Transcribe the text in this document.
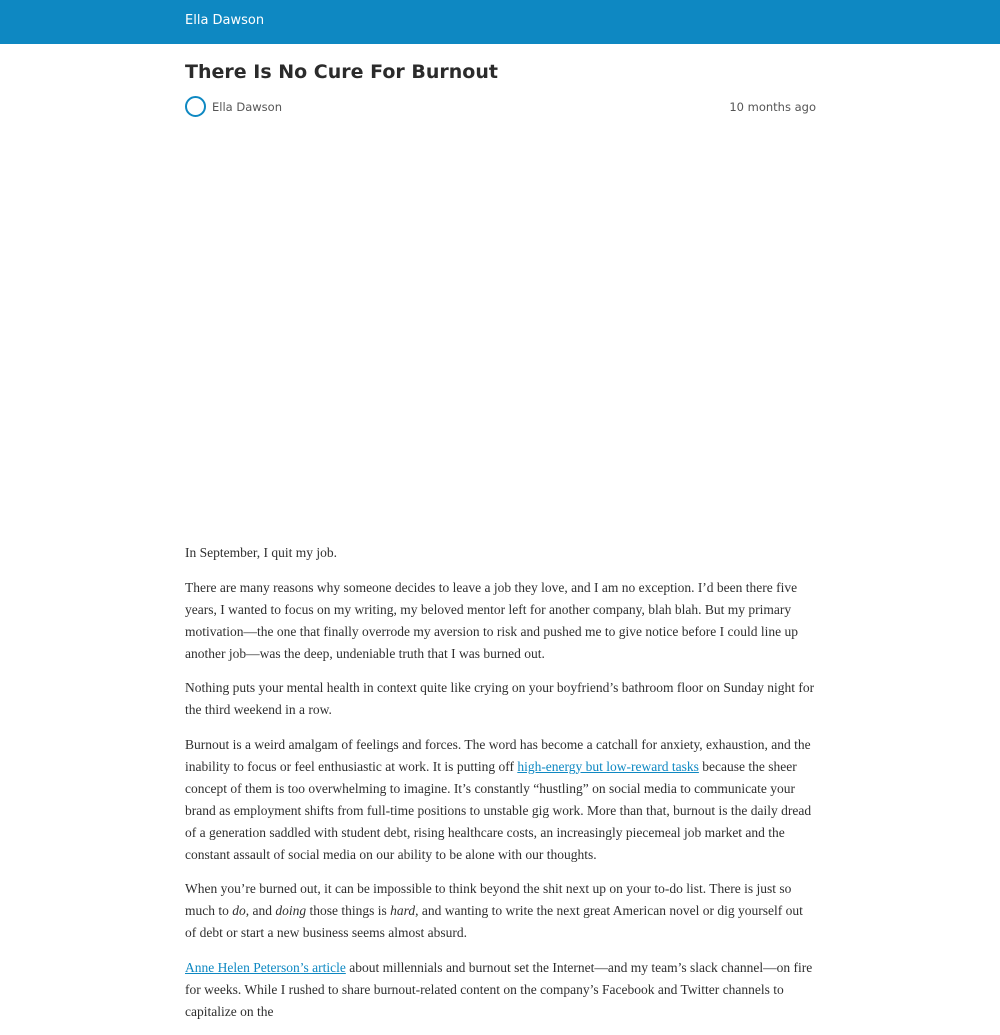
Ella Dawson
There Is No Cure For Burnout
Ella Dawson	10 months ago

In September, I quit my job.

There are many reasons why someone decides to leave a job they love, and I am no exception. I’d been there five years, I wanted to focus on my writing, my beloved mentor left for another company, blah blah. But my primary motivation—the one that finally overrode my aversion to risk and pushed me to give notice before I could line up another job—was the deep, undeniable truth that I was burned out.

Nothing puts your mental health in context quite like crying on your boyfriend’s bathroom floor on Sunday night for the third weekend in a row.

Burnout is a weird amalgam of feelings and forces. The word has become a catchall for anxiety, exhaustion, and the inability to focus or feel enthusiastic at work. It is putting off high-energy but low-reward tasks because the sheer concept of them is too overwhelming to imagine. It’s constantly “hustling” on social media to communicate your brand as employment shifts from full-time positions to unstable gig work. More than that, burnout is the daily dread of a generation saddled with student debt, rising healthcare costs, an increasingly piecemeal job market and the constant assault of social media on our ability to be alone with our thoughts.

When you’re burned out, it can be impossible to think beyond the shit next up on your to-do list. There is just so much to do, and doing those things is hard, and wanting to write the next great American novel or dig yourself out of debt or start a new business seems almost absurd.

Anne Helen Peterson’s article about millennials and burnout set the Internet—and my team’s slack channel—on fire for weeks. While I rushed to share burnout-related content on the company’s Facebook and Twitter channels to capitalize on the
